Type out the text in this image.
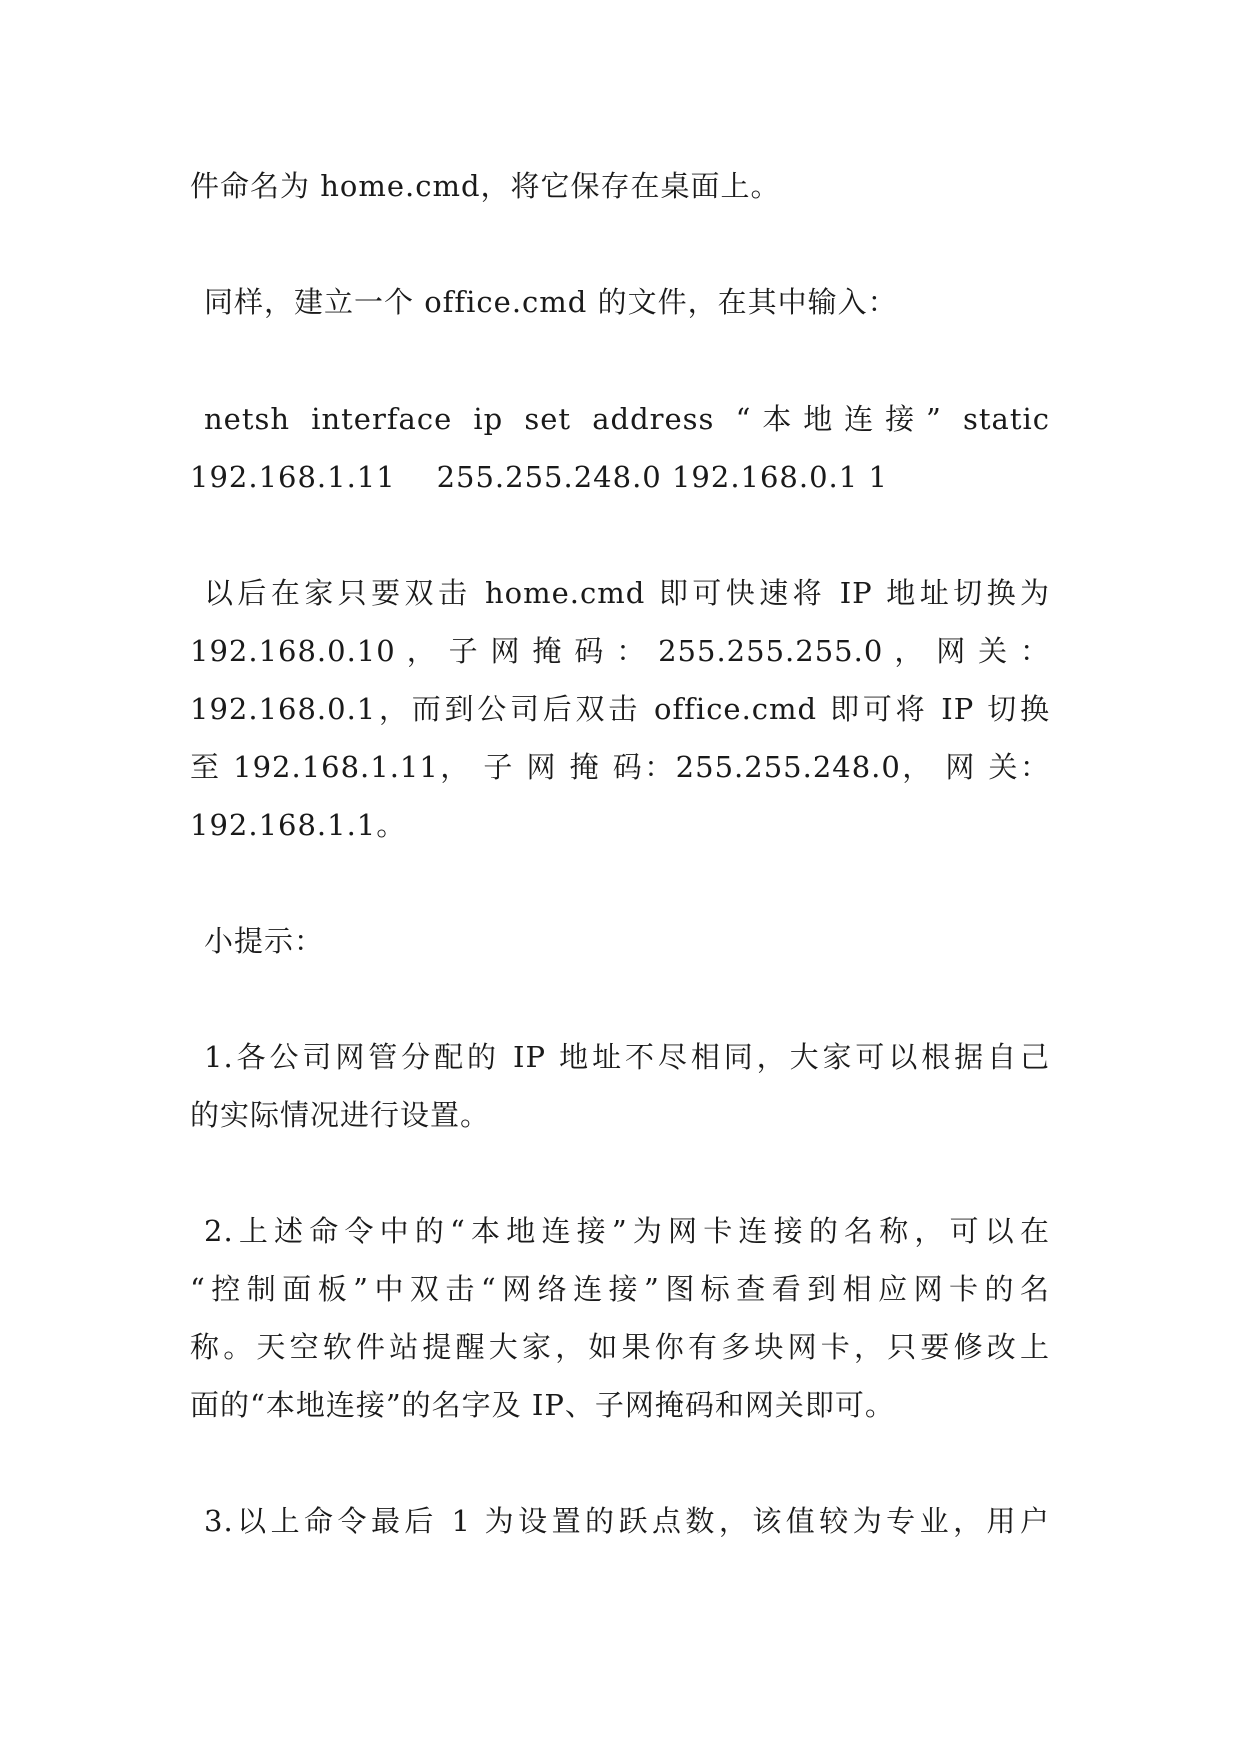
件命名为 home.cmd，将它保存在桌面上。
同样，建立一个 office.cmd 的文件，在其中输入：
netsh interface ip set address “本地连接” static
192.168.1.11    255.255.248.0 192.168.0.1 1
以后在家只要双击 home.cmd 即可快速将 IP 地址切换为
192.168.0.10 ， 子 网 掩 码 ： 255.255.255.0 ， 网 关 ：
192.168.0.1，而到公司后双击 office.cmd 即可将 IP 切换
至 192.168.1.11， 子 网 掩 码：255.255.248.0， 网 关：
192.168.1.1。
小提示：
1.各公司网管分配的 IP 地址不尽相同，大家可以根据自己
的实际情况进行设置。
2.上述命令中的“本地连接”为网卡连接的名称，可以在
“控制面板”中双击“网络连接”图标查看到相应网卡的名
称。天空软件站提醒大家，如果你有多块网卡，只要修改上
面的“本地连接”的名字及 IP、子网掩码和网关即可。
3.以上命令最后 1 为设置的跃点数，该值较为专业，用户
